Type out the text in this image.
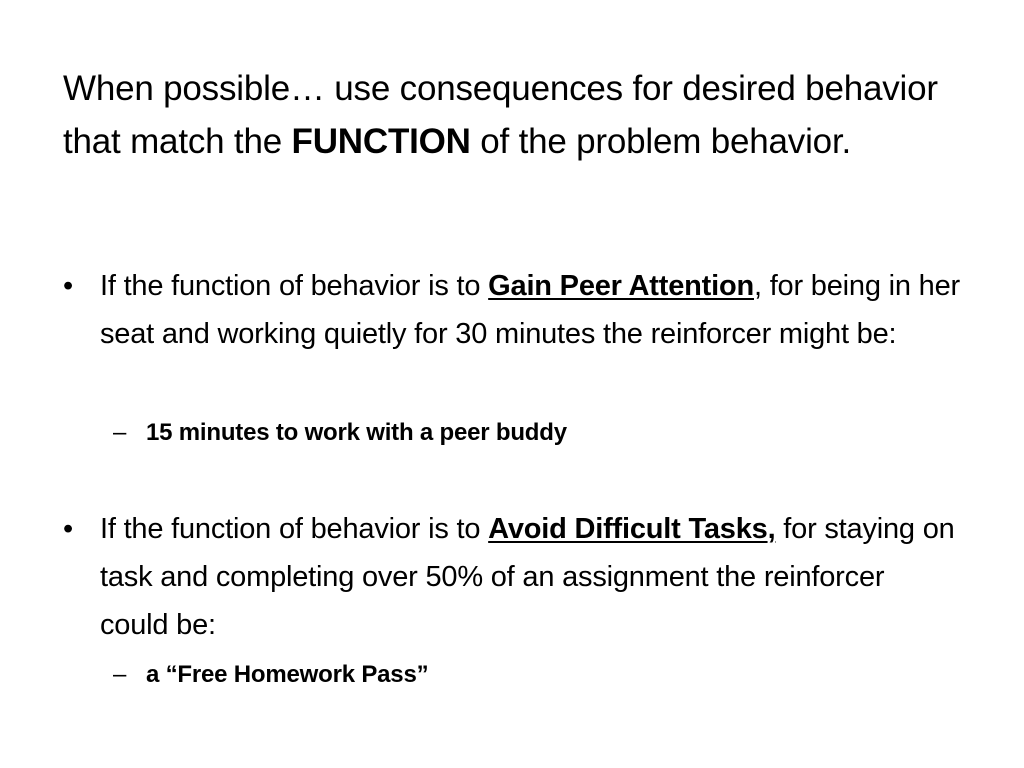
When possible… use consequences for desired behavior that match the FUNCTION of the problem behavior.
• If the function of behavior is to Gain Peer Attention, for being in her seat and working quietly for 30 minutes the reinforcer might be:
– 15 minutes to work with a peer buddy
• If the function of behavior is to Avoid Difficult Tasks, for staying on task and completing over 50% of an assignment the reinforcer could be:
– a “Free Homework Pass”
